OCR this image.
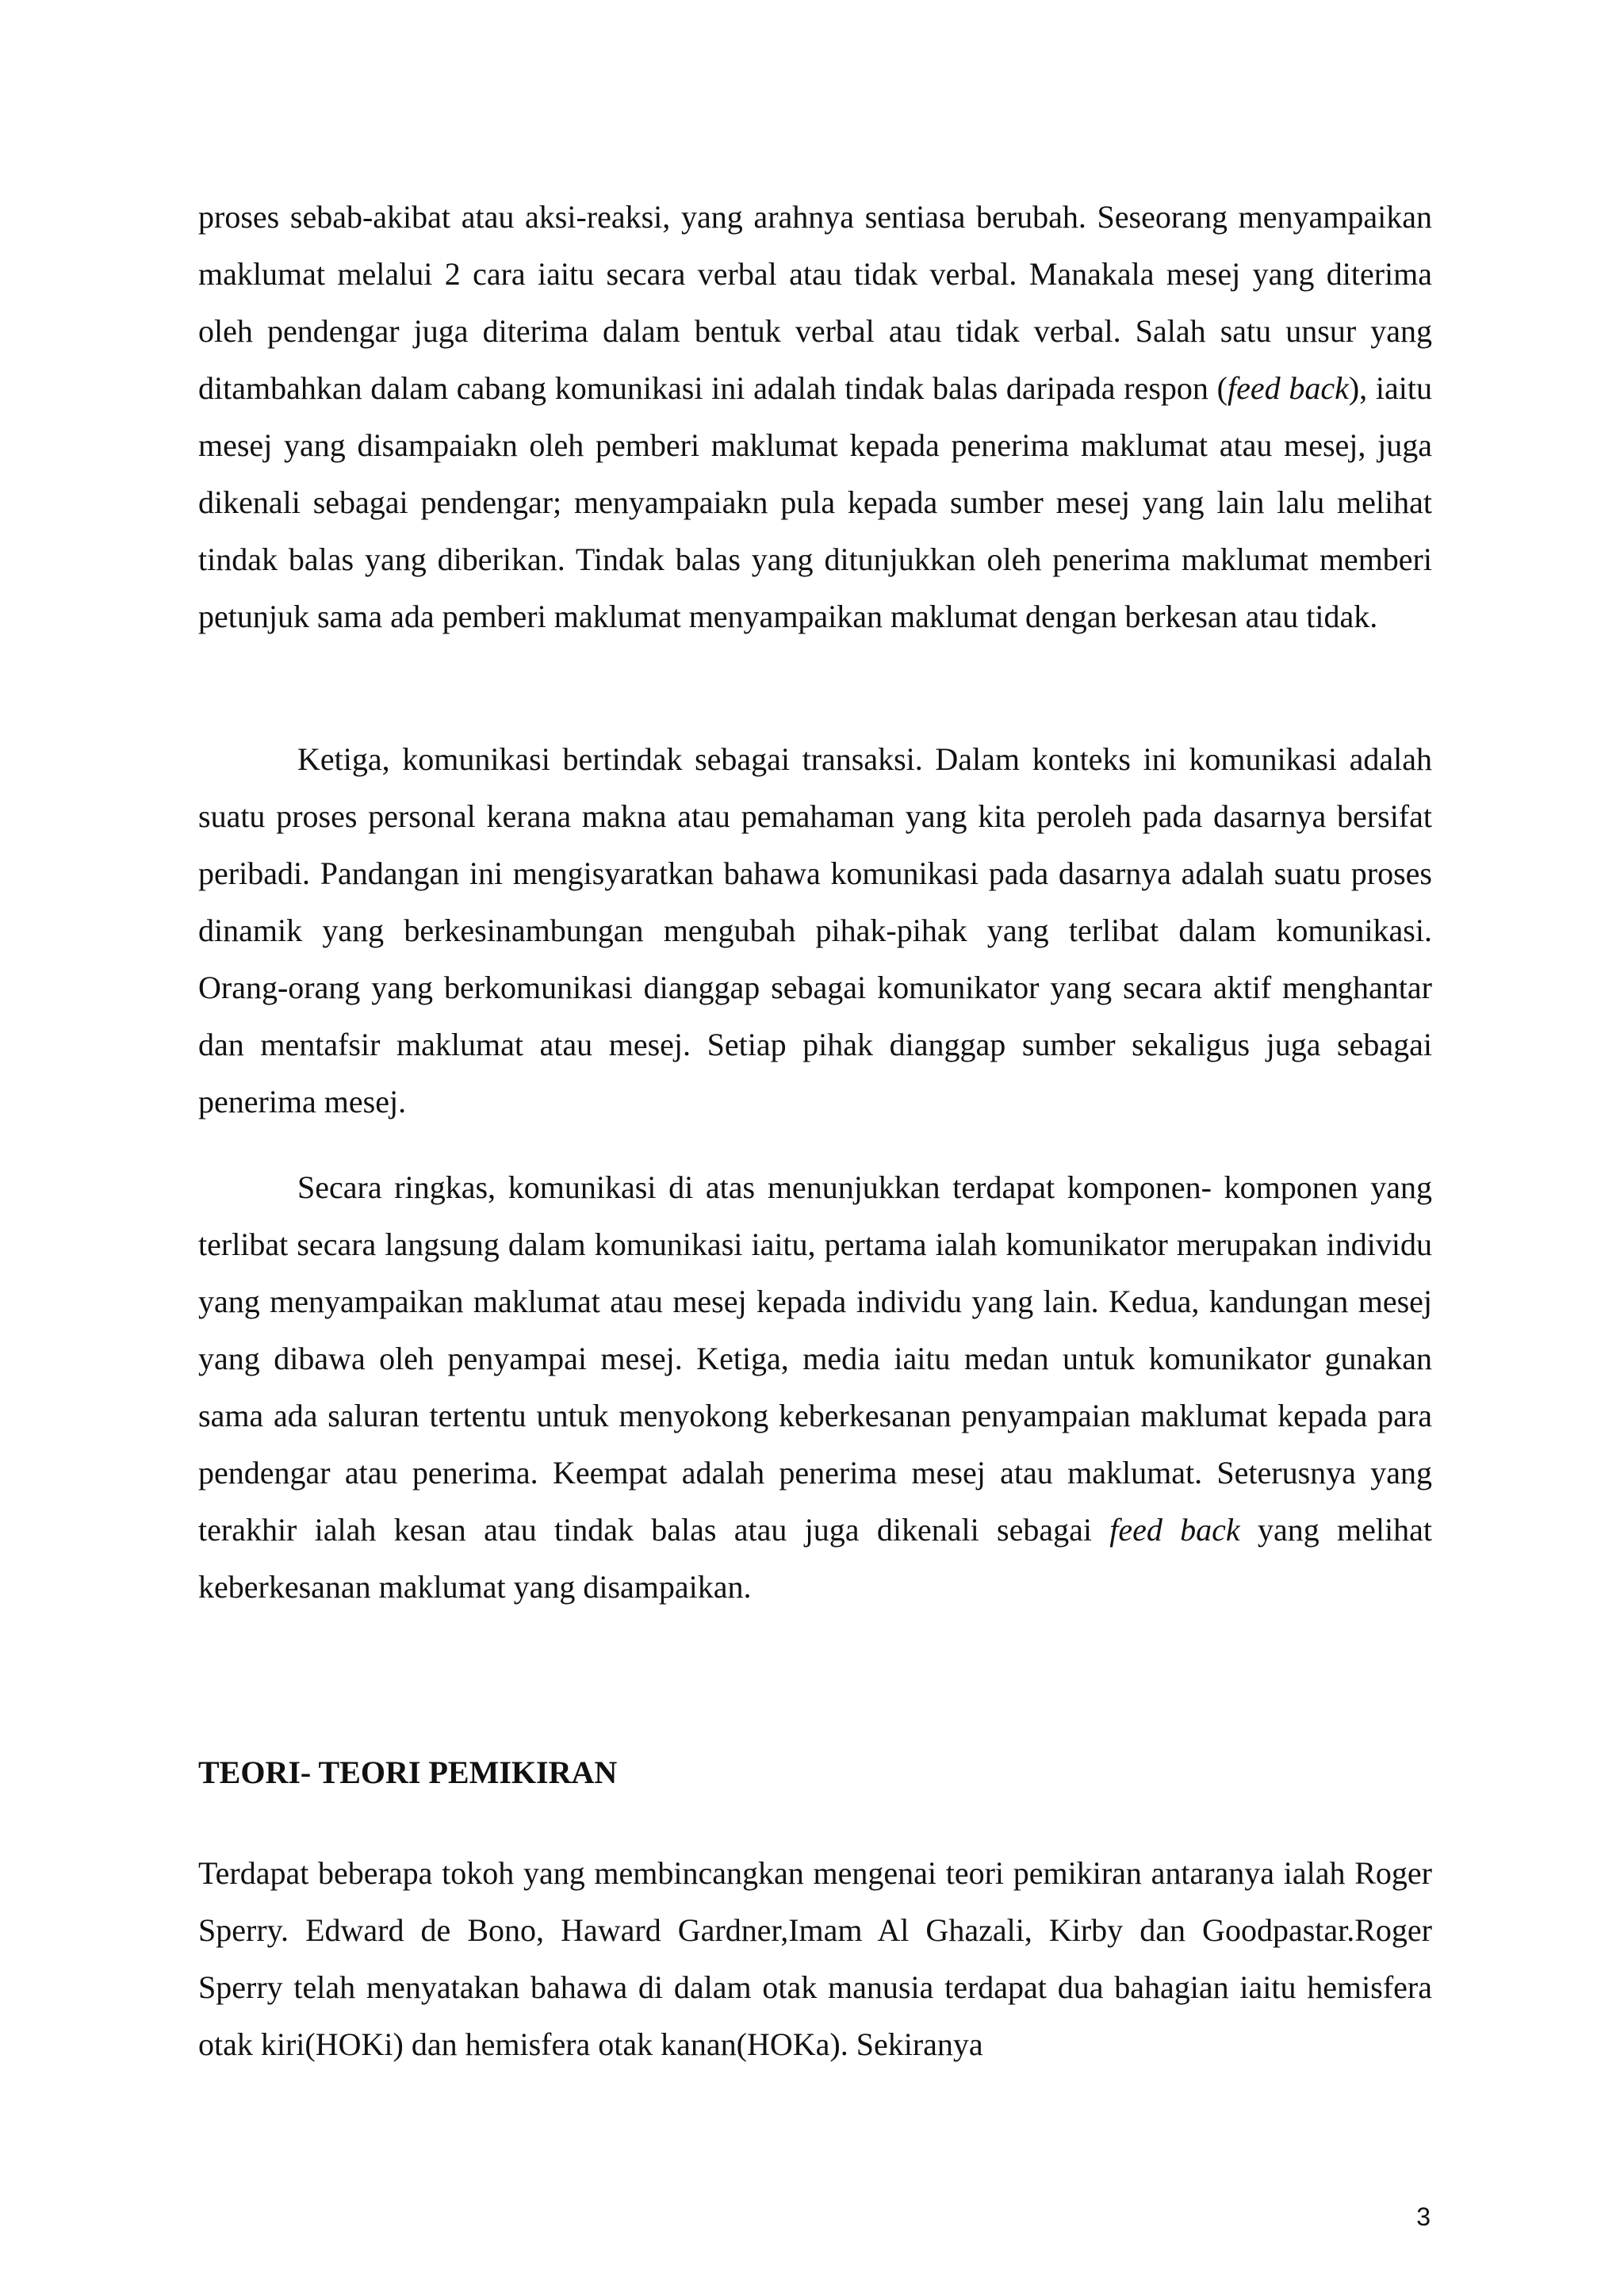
proses sebab-akibat atau aksi-reaksi, yang arahnya sentiasa berubah. Seseorang menyampaikan maklumat melalui 2 cara iaitu secara verbal atau tidak verbal. Manakala mesej yang diterima oleh pendengar juga diterima dalam bentuk verbal atau tidak verbal. Salah satu unsur yang ditambahkan dalam cabang komunikasi ini adalah tindak balas daripada respon (feed back), iaitu mesej yang disampaiakn oleh pemberi maklumat kepada penerima maklumat atau mesej, juga dikenali sebagai pendengar; menyampaiakn pula kepada sumber mesej yang lain lalu melihat tindak balas yang diberikan. Tindak balas yang ditunjukkan oleh penerima maklumat memberi petunjuk sama ada pemberi maklumat menyampaikan maklumat dengan berkesan atau tidak.

Ketiga, komunikasi bertindak sebagai transaksi. Dalam konteks ini komunikasi adalah suatu proses personal kerana makna atau pemahaman yang kita peroleh pada dasarnya bersifat peribadi. Pandangan ini mengisyaratkan bahawa komunikasi pada dasarnya adalah suatu proses dinamik yang berkesinambungan mengubah pihak-pihak yang terlibat dalam komunikasi. Orang-orang yang berkomunikasi dianggap sebagai komunikator yang secara aktif menghantar dan mentafsir maklumat atau mesej. Setiap pihak dianggap sumber sekaligus juga sebagai penerima mesej.

Secara ringkas, komunikasi di atas menunjukkan terdapat komponen- komponen yang terlibat secara langsung dalam komunikasi iaitu, pertama ialah komunikator merupakan individu yang menyampaikan maklumat atau mesej kepada individu yang lain. Kedua, kandungan mesej yang dibawa oleh penyampai mesej. Ketiga, media iaitu medan untuk komunikator gunakan sama ada saluran tertentu untuk menyokong keberkesanan penyampaian maklumat kepada para pendengar atau penerima. Keempat adalah penerima mesej atau maklumat. Seterusnya yang terakhir ialah kesan atau tindak balas atau juga dikenali sebagai feed back yang melihat keberkesanan maklumat yang disampaikan.

TEORI- TEORI PEMIKIRAN

Terdapat beberapa tokoh yang membincangkan mengenai teori pemikiran antaranya ialah Roger Sperry. Edward de Bono, Haward Gardner,Imam Al Ghazali, Kirby dan Goodpastar.Roger Sperry telah menyatakan bahawa di dalam otak manusia terdapat dua bahagian iaitu hemisfera otak kiri(HOKi) dan hemisfera otak kanan(HOKa). Sekiranya

3
